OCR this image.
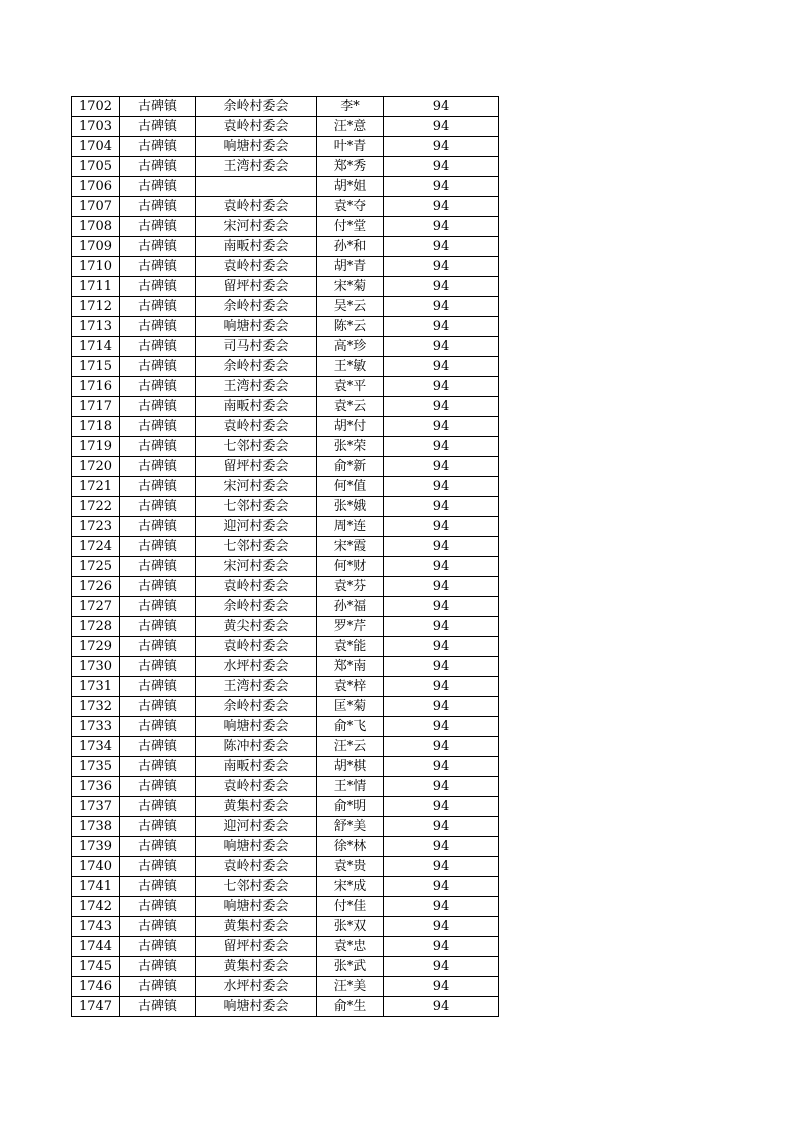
1702	古碑镇	余岭村委会	李*	94
1703	古碑镇	袁岭村委会	汪*意	94
1704	古碑镇	响塘村委会	叶*青	94
1705	古碑镇	王湾村委会	郑*秀	94
1706	古碑镇		胡*姐	94
1707	古碑镇	袁岭村委会	袁*夺	94
1708	古碑镇	宋河村委会	付*堂	94
1709	古碑镇	南畈村委会	孙*和	94
1710	古碑镇	袁岭村委会	胡*青	94
1711	古碑镇	留坪村委会	宋*菊	94
1712	古碑镇	余岭村委会	吴*云	94
1713	古碑镇	响塘村委会	陈*云	94
1714	古碑镇	司马村委会	高*珍	94
1715	古碑镇	余岭村委会	王*敏	94
1716	古碑镇	王湾村委会	袁*平	94
1717	古碑镇	南畈村委会	袁*云	94
1718	古碑镇	袁岭村委会	胡*付	94
1719	古碑镇	七邻村委会	张*荣	94
1720	古碑镇	留坪村委会	俞*新	94
1721	古碑镇	宋河村委会	何*值	94
1722	古碑镇	七邻村委会	张*娥	94
1723	古碑镇	迎河村委会	周*连	94
1724	古碑镇	七邻村委会	宋*霞	94
1725	古碑镇	宋河村委会	何*财	94
1726	古碑镇	袁岭村委会	袁*芬	94
1727	古碑镇	余岭村委会	孙*福	94
1728	古碑镇	黄尖村委会	罗*芹	94
1729	古碑镇	袁岭村委会	袁*能	94
1730	古碑镇	水坪村委会	郑*南	94
1731	古碑镇	王湾村委会	袁*梓	94
1732	古碑镇	余岭村委会	匡*菊	94
1733	古碑镇	响塘村委会	俞*飞	94
1734	古碑镇	陈冲村委会	汪*云	94
1735	古碑镇	南畈村委会	胡*棋	94
1736	古碑镇	袁岭村委会	王*情	94
1737	古碑镇	黄集村委会	俞*明	94
1738	古碑镇	迎河村委会	舒*美	94
1739	古碑镇	响塘村委会	徐*林	94
1740	古碑镇	袁岭村委会	袁*贵	94
1741	古碑镇	七邻村委会	宋*成	94
1742	古碑镇	响塘村委会	付*佳	94
1743	古碑镇	黄集村委会	张*双	94
1744	古碑镇	留坪村委会	袁*忠	94
1745	古碑镇	黄集村委会	张*武	94
1746	古碑镇	水坪村委会	汪*美	94
1747	古碑镇	响塘村委会	俞*生	94
